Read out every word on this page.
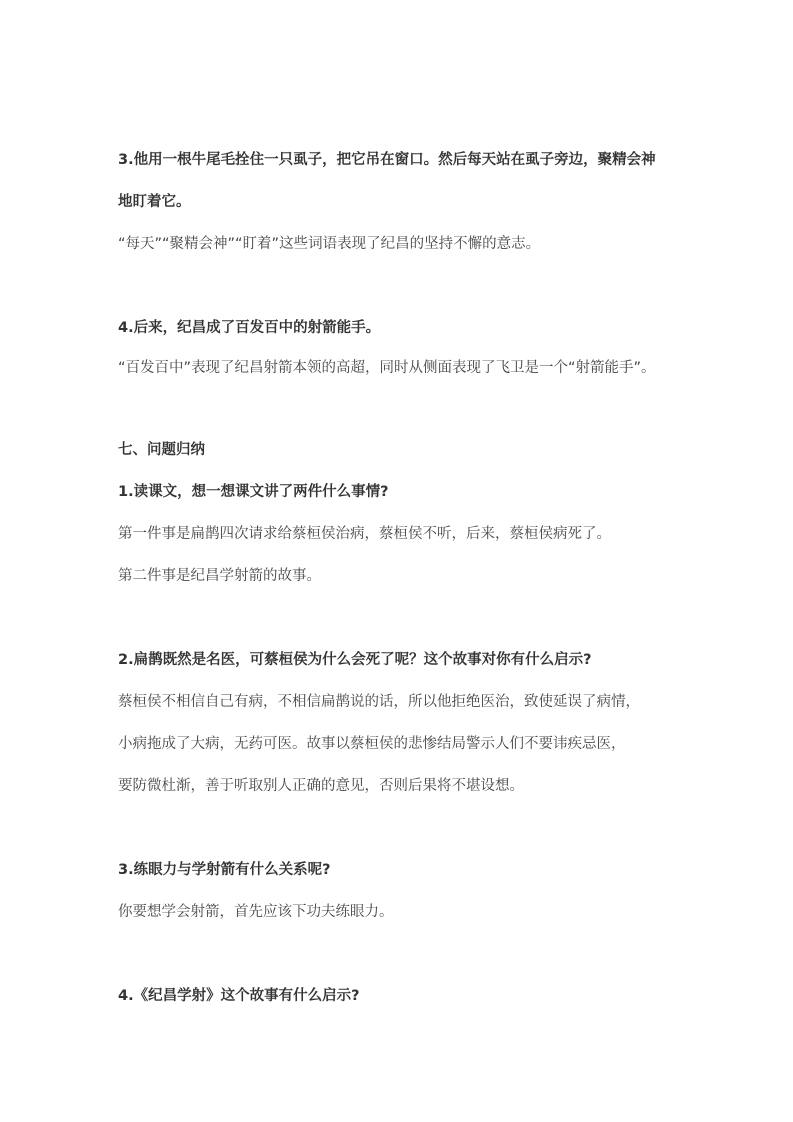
3.他用一根牛尾毛拴住一只虱子，把它吊在窗口。然后每天站在虱子旁边，聚精会神
地盯着它。
“每天”“聚精会神”“盯着”这些词语表现了纪昌的坚持不懈的意志。
4.后来，纪昌成了百发百中的射箭能手。
“百发百中”表现了纪昌射箭本领的高超，同时从侧面表现了飞卫是一个“射箭能手”。
七、问题归纳
1.读课文，想一想课文讲了两件什么事情?
第一件事是扁鹊四次请求给蔡桓侯治病，蔡桓侯不听，后来，蔡桓侯病死了。
第二件事是纪昌学射箭的故事。
2.扁鹊既然是名医，可蔡桓侯为什么会死了呢？这个故事对你有什么启示?
蔡桓侯不相信自己有病，不相信扁鹊说的话，所以他拒绝医治，致使延误了病情，
小病拖成了大病，无药可医。故事以蔡桓侯的悲惨结局警示人们不要讳疾忌医，
要防微杜渐，善于听取别人正确的意见，否则后果将不堪设想。
3.练眼力与学射箭有什么关系呢?
你要想学会射箭，首先应该下功夫练眼力。
4.《纪昌学射》这个故事有什么启示?
